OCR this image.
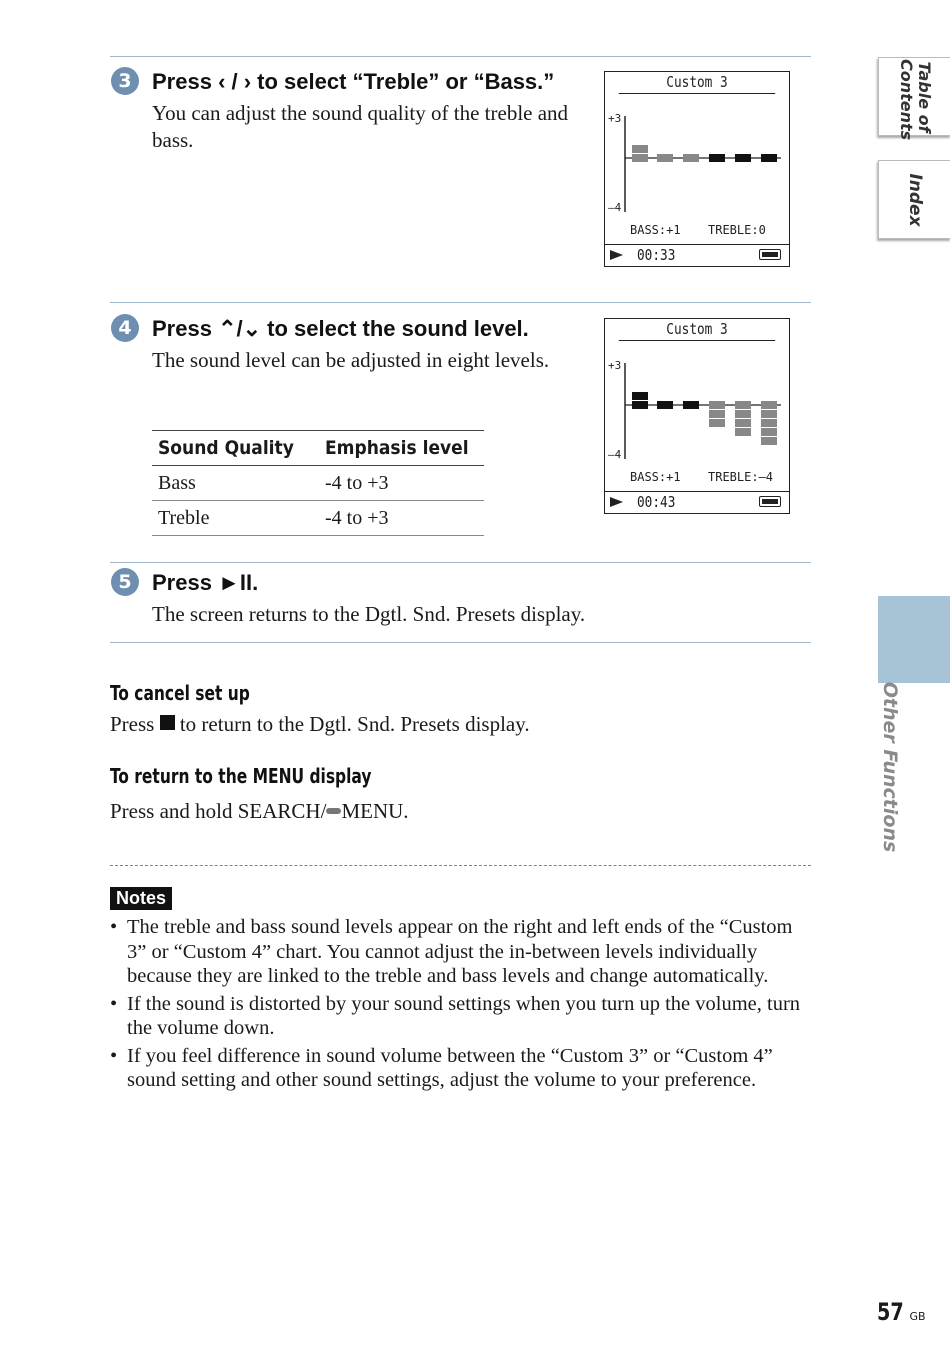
3 Press ‹ / › to select “Treble” or “Bass.”
You can adjust the sound quality of the treble and bass.
Custom 3
+3
–4
BASS:+1 TREBLE:0
00:33
4 Press ⌃/⌄ to select the sound level.
The sound level can be adjusted in eight levels.
Sound Quality	Emphasis level
Bass	-4 to +3
Treble	-4 to +3
Custom 3
+3
–4
BASS:+1 TREBLE:–4
00:43
5 Press ►II.
The screen returns to the Dgtl. Snd. Presets display.
To cancel set up
Press  to return to the Dgtl. Snd. Presets display.
To return to the MENU display
Press and hold SEARCH/ MENU.
Notes
• The treble and bass sound levels appear on the right and left ends of the “Custom 3” or “Custom 4” chart. You cannot adjust the in-between levels individually because they are linked to the treble and bass levels and change automatically.
• If the sound is distorted by your sound settings when you turn up the volume, turn the volume down.
• If you feel difference in sound volume between the “Custom 3” or “Custom 4” sound setting and other sound settings, adjust the volume to your preference.
Table of Contents
Index
Other Functions
57 GB
